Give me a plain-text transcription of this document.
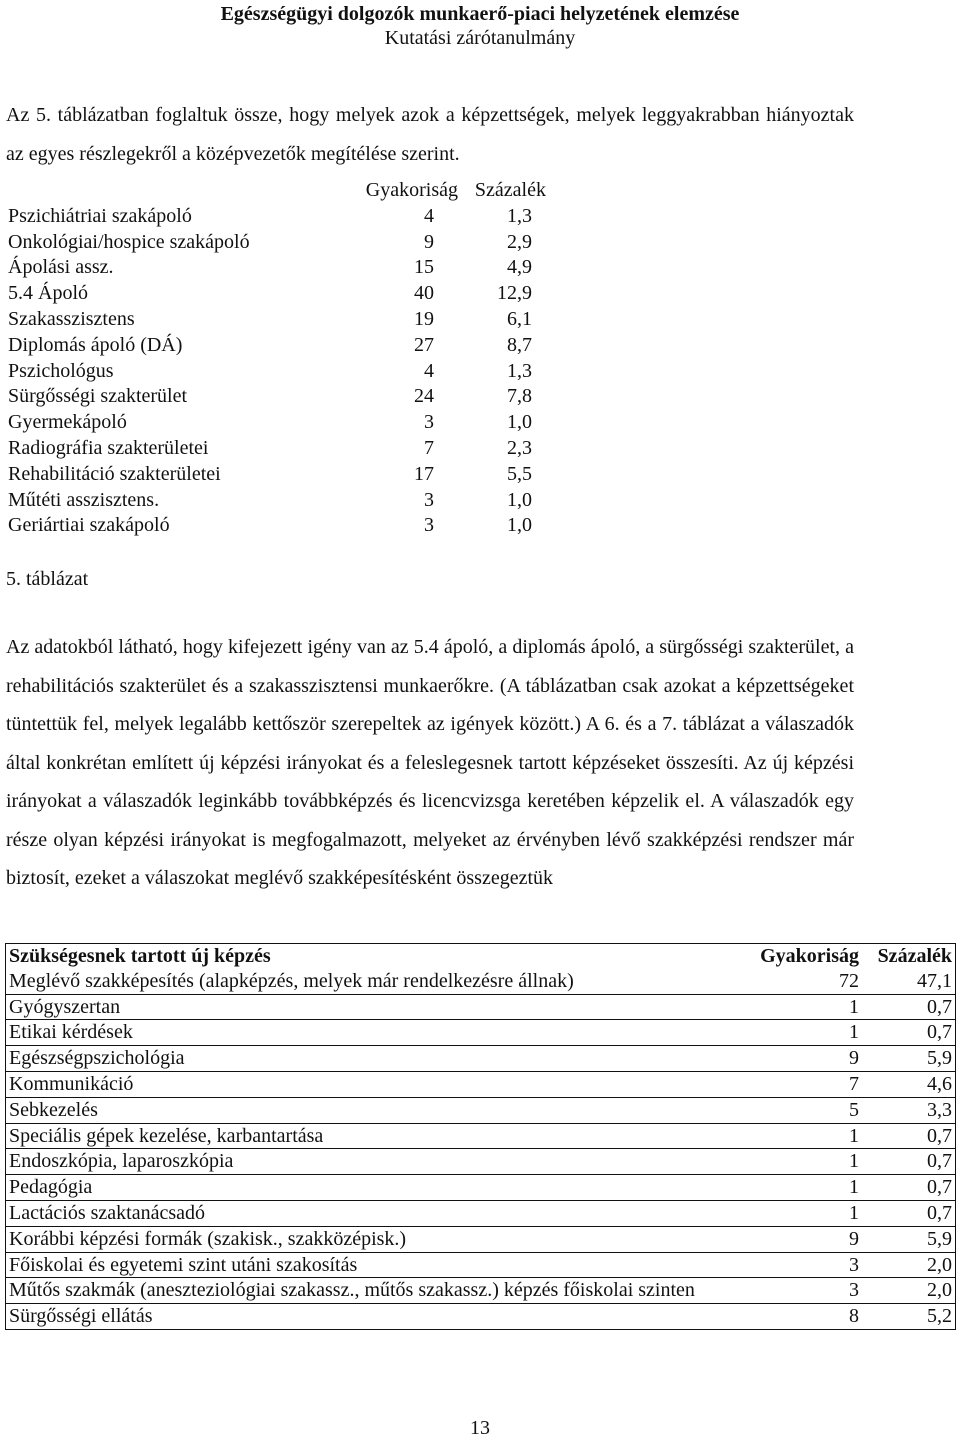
Egészségügyi dolgozók munkaerő-piaci helyzetének elemzése
Kutatási zárótanulmány
Az 5. táblázatban foglaltuk össze, hogy melyek azok a képzettségek, melyek leggyakrabban hiányoztak az egyes részlegekről a középvezetők megítélése szerint.
Gyakoriság Százalék
Pszichiátriai szakápoló	4	1,3
Onkológiai/hospice szakápoló	9	2,9
Ápolási assz.	15	4,9
5.4 Ápoló	40	12,9
Szakasszisztens	19	6,1
Diplomás ápoló (DÁ)	27	8,7
Pszichológus	4	1,3
Sürgősségi szakterület	24	7,8
Gyermekápoló	3	1,0
Radiográfia szakterületei	7	2,3
Rehabilitáció szakterületei	17	5,5
Műtéti asszisztens.	3	1,0
Geriártiai szakápoló	3	1,0
5. táblázat
Az adatokból látható, hogy kifejezett igény van az 5.4 ápoló, a diplomás ápoló, a sürgősségi szakterület, a rehabilitációs szakterület és a szakasszisztensi munkaerőkre. (A táblázatban csak azokat a képzettségeket tüntettük fel, melyek legalább kettőször szerepeltek az igények között.) A 6. és a 7. táblázat a válaszadók által konkrétan említett új képzési irányokat és a feleslegesnek tartott képzéseket összesíti. Az új képzési irányokat a válaszadók leginkább továbbképzés és licencvizsga keretében képzelik el. A válaszadók egy része olyan képzési irányokat is megfogalmazott, melyeket az érvényben lévő szakképzési rendszer már biztosít, ezeket a válaszokat meglévő szakképesítésként összegeztük
Szükségesnek tartott új képzés	Gyakoriság Százalék
Meglévő szakképesítés (alapképzés, melyek már rendelkezésre állnak)	72	47,1
Gyógyszertan	1	0,7
Etikai kérdések	1	0,7
Egészségpszichológia	9	5,9
Kommunikáció	7	4,6
Sebkezelés	5	3,3
Speciális gépek kezelése, karbantartása	1	0,7
Endoszkópia, laparoszkópia	1	0,7
Pedagógia	1	0,7
Lactációs szaktanácsadó	1	0,7
Korábbi képzési formák (szakisk., szakközépisk.)	9	5,9
Főiskolai és egyetemi szint utáni szakosítás	3	2,0
Műtős szakmák (aneszteziológiai szakassz., műtős szakassz.) képzés főiskolai szinten	3	2,0
Sürgősségi ellátás	8	5,2
13
